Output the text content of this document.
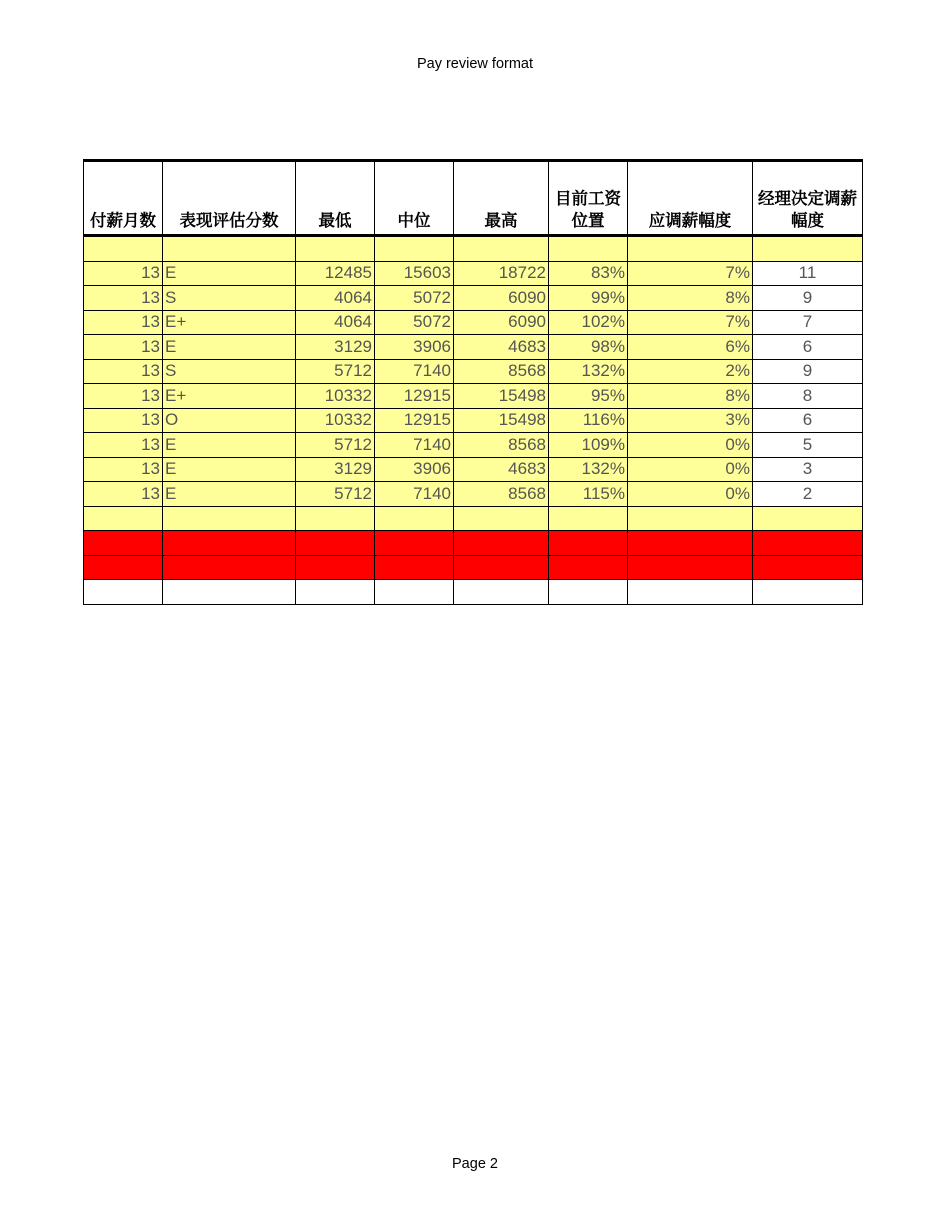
Pay review format
付薪月数	表现评估分数	最低	中位	最高	目前工资位置	应调薪幅度	经理决定调薪幅度

13	E	12485	15603	18722	83%	7%	11
13	S	4064	5072	6090	99%	8%	9
13	E+	4064	5072	6090	102%	7%	7
13	E	3129	3906	4683	98%	6%	6
13	S	5712	7140	8568	132%	2%	9
13	E+	10332	12915	15498	95%	8%	8
13	O	10332	12915	15498	116%	3%	6
13	E	5712	7140	8568	109%	0%	5
13	E	3129	3906	4683	132%	0%	3
13	E	5712	7140	8568	115%	0%	2

Page 2
